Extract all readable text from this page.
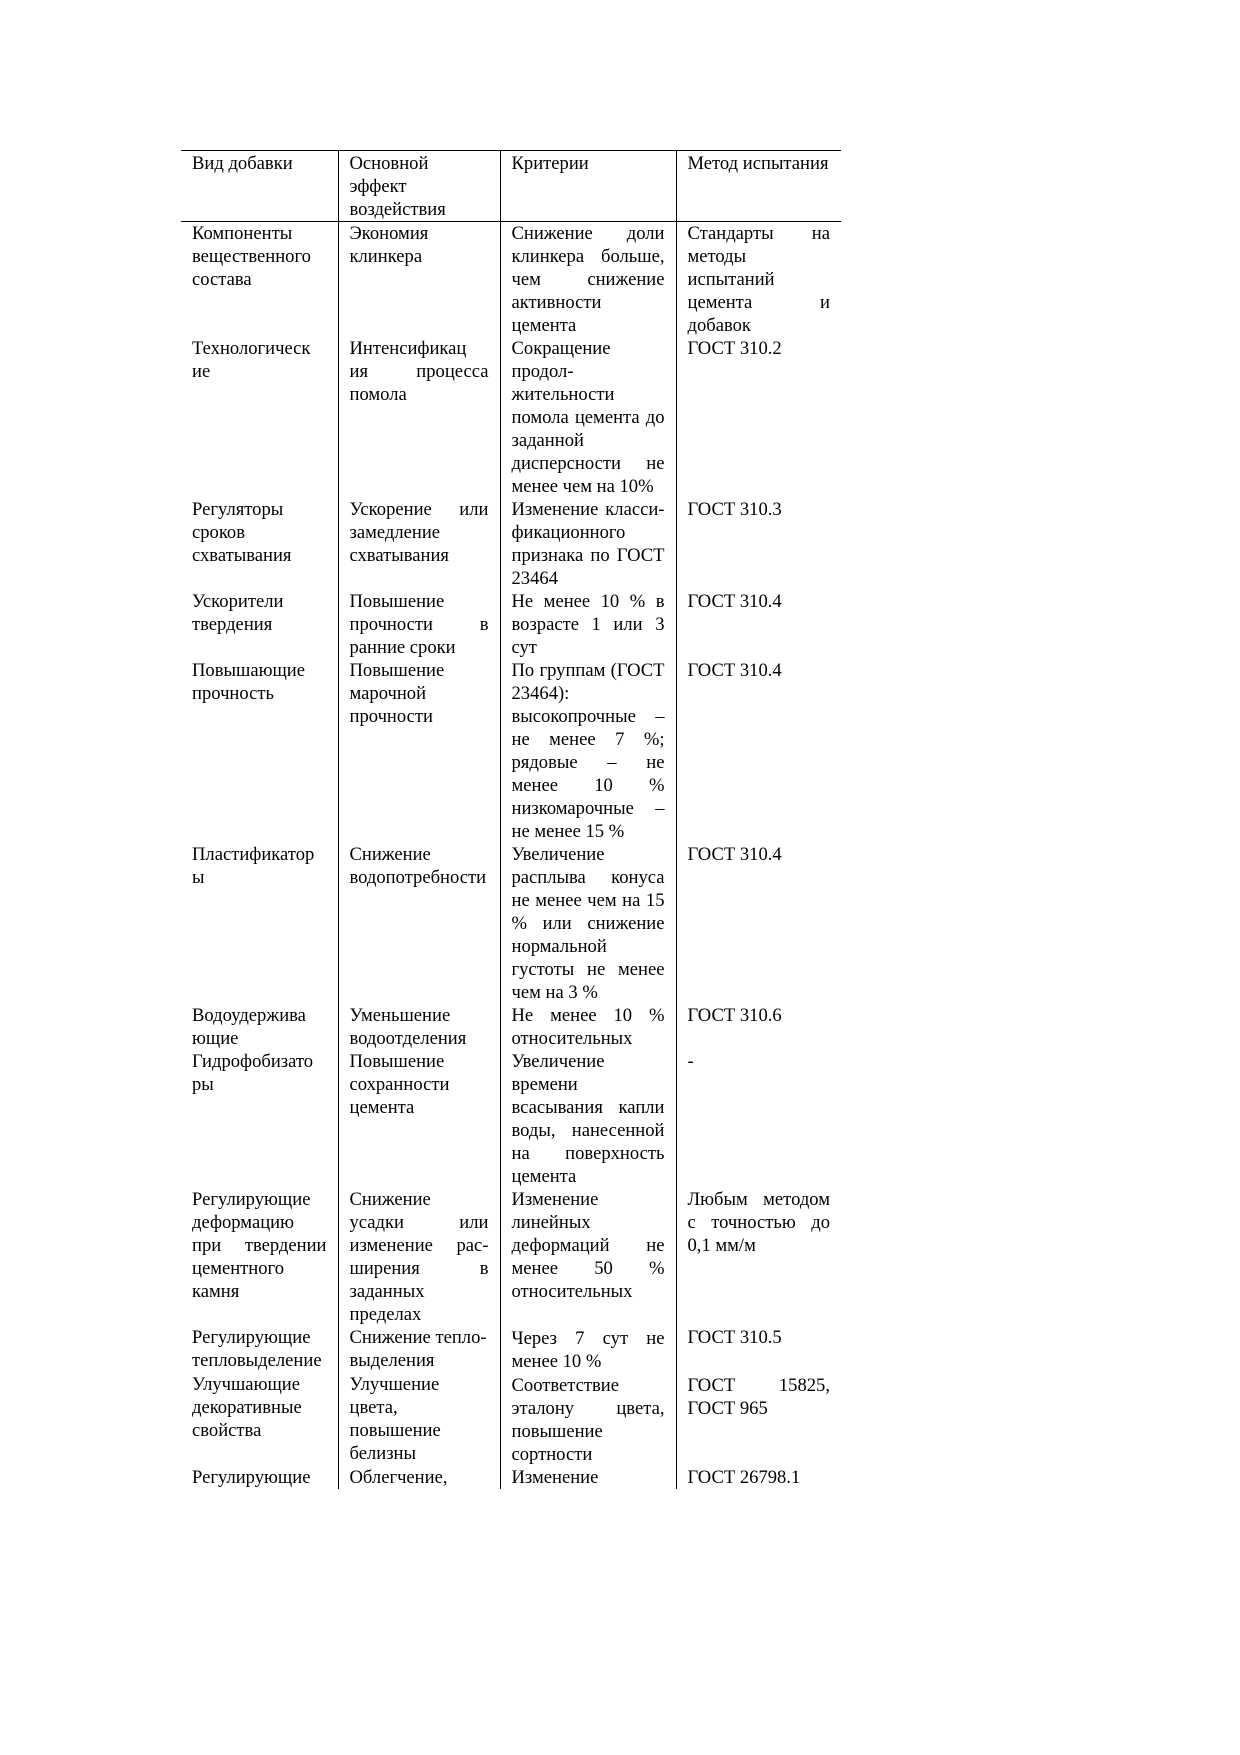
Вид добавки	Основной эффект воздействия	Критерии	Метод испытания
Компоненты вещественного состава	Экономия клинкера	Снижение доли клинкера больше, чем снижение активности цемента	Стандарты на методы испытаний цемента и добавок
Технологическ ие	Интенсификац ия процесса помола	Сокращение продолжительности помола цемента до заданной дисперсности не менее чем на 10%	ГОСТ 310.2
Регуляторы сроков схватывания	Ускорение или замедление схватывания	Изменение классификационного признака по ГОСТ 23464	ГОСТ 310.3
Ускорители твердения	Повышение прочности в ранние сроки	Не менее 10 % в возрасте 1 или 3 сут	ГОСТ 310.4
Повышающие прочность	Повышение марочной прочности	По группам (ГОСТ 23464): высокопрочные – не менее 7 %; рядовые – не менее 10 % низкомарочные – не менее 15 %	ГОСТ 310.4
Пластификатор ы	Снижение водопотребности	Увеличение расплыва конуса не менее чем на 15 % или снижение нормальной густоты не менее чем на 3 %	ГОСТ 310.4
Водоудержива ющие	Уменьшение водоотделения	Не менее 10 % относительных	ГОСТ 310.6
Гидрофобизато ры	Повышение сохранности цемента	Увеличение времени всасывания капли воды, нанесенной на поверхность цемента	-
Регулирующие деформацию при твердении цементного камня	Снижение усадки или изменение расширения в заданных пределах	Изменение линейных деформаций не менее 50 % относительных	Любым методом с точностью до 0,1 мм/м
Регулирующие тепловыделение	Снижение тепловыделения	Через 7 сут не менее 10 %	ГОСТ 310.5
Улучшающие декоративные свойства	Улучшение цвета, повышение белизны	Соответствие эталону цвета, повышение сортности	ГОСТ 15825, ГОСТ 965
Регулирующие	Облегчение,	Изменение	ГОСТ 26798.1
